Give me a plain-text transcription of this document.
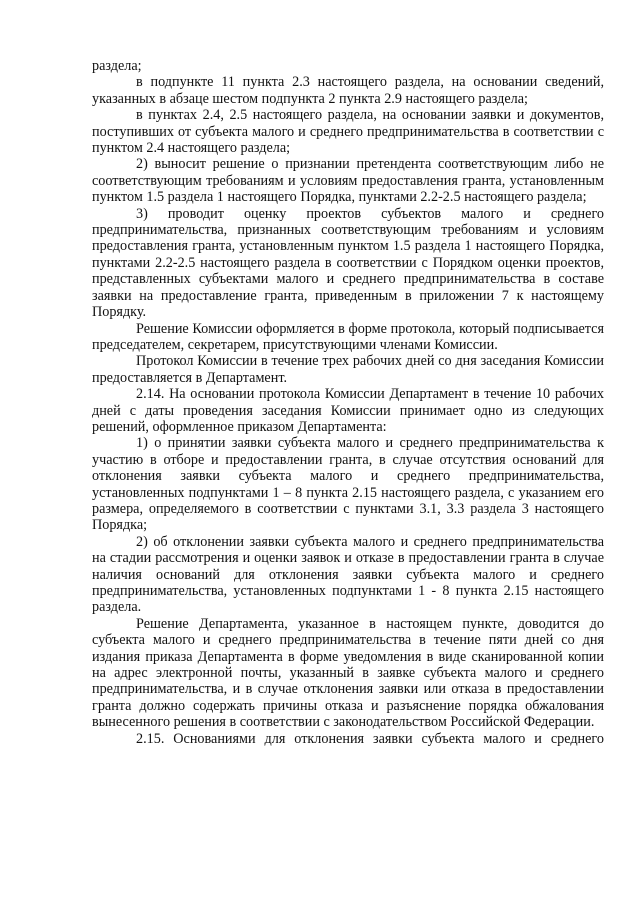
раздела;

в подпункте 11 пункта 2.3 настоящего раздела, на основании сведений, указанных в абзаце шестом подпункта 2 пункта 2.9 настоящего раздела;

в пунктах 2.4, 2.5 настоящего раздела, на основании заявки и документов, поступивших от субъекта малого и среднего предпринимательства в соответствии с пунктом 2.4 настоящего раздела;

2) выносит решение о признании претендента соответствующим либо не соответствующим требованиям и условиям предоставления гранта, установленным пунктом 1.5 раздела 1 настоящего Порядка, пунктами 2.2-2.5 настоящего раздела;

3) проводит оценку проектов субъектов малого и среднего предпринимательства, признанных соответствующим требованиям и условиям предоставления гранта, установленным пунктом 1.5 раздела 1 настоящего Порядка, пунктами 2.2-2.5 настоящего раздела в соответствии с Порядком оценки проектов, представленных субъектами малого и среднего предпринимательства в составе заявки на предоставление гранта, приведенным в приложении 7 к настоящему Порядку.

Решение Комиссии оформляется в форме протокола, который подписывается председателем, секретарем, присутствующими членами Комиссии.

Протокол Комиссии в течение трех рабочих дней со дня заседания Комиссии предоставляется в Департамент.

2.14. На основании протокола Комиссии Департамент в течение 10 рабочих дней с даты проведения заседания Комиссии принимает одно из следующих решений, оформленное приказом Департамента:

1) о принятии заявки субъекта малого и среднего предпринимательства к участию в отборе и предоставлении гранта, в случае отсутствия оснований для отклонения заявки субъекта малого и среднего предпринимательства, установленных подпунктами 1 – 8 пункта 2.15 настоящего раздела, с указанием его размера, определяемого в соответствии с пунктами 3.1, 3.3 раздела 3 настоящего Порядка;

2) об отклонении заявки субъекта малого и среднего предпринимательства на стадии рассмотрения и оценки заявок и отказе в предоставлении гранта в случае наличия оснований для отклонения заявки субъекта малого и среднего предпринимательства, установленных подпунктами 1 - 8 пункта 2.15 настоящего раздела.

Решение Департамента, указанное в настоящем пункте, доводится до субъекта малого и среднего предпринимательства в течение пяти дней со дня издания приказа Департамента в форме уведомления в виде сканированной копии на адрес электронной почты, указанный в заявке субъекта малого и среднего предпринимательства, и в случае отклонения заявки или отказа в предоставлении гранта должно содержать причины отказа и разъяснение порядка обжалования вынесенного решения в соответствии с законодательством Российской Федерации.

2.15. Основаниями для отклонения заявки субъекта малого и среднего
